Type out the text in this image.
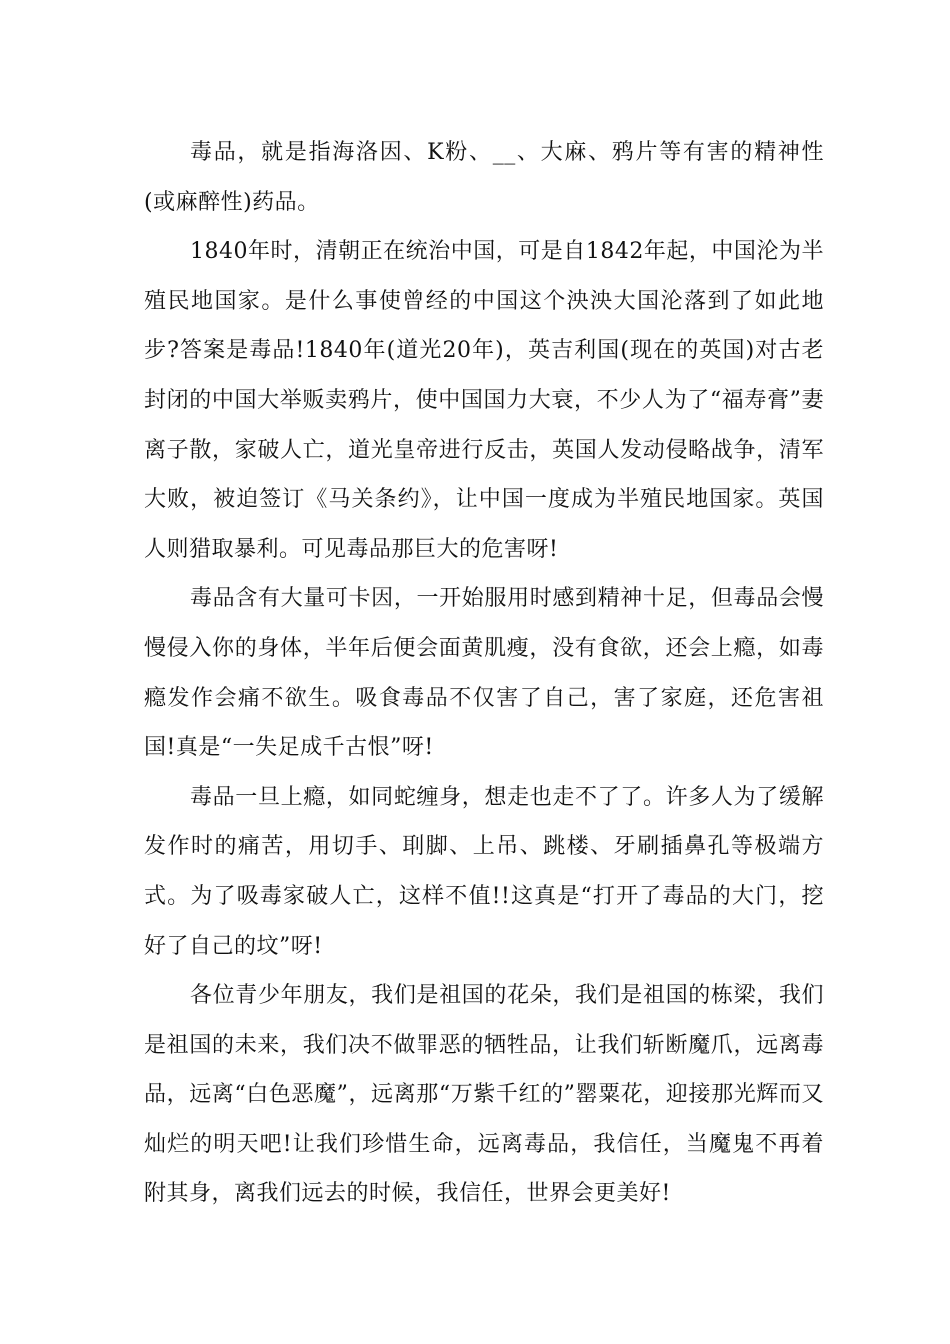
毒品，就是指海洛因、K粉、__、大麻、鸦片等有害的精神性(或麻醉性)药品。

1840年时，清朝正在统治中国，可是自1842年起，中国沦为半殖民地国家。是什么事使曾经的中国这个泱泱大国沦落到了如此地步?答案是毒品!1840年(道光20年)，英吉利国(现在的英国)对古老封闭的中国大举贩卖鸦片，使中国国力大衰，不少人为了“福寿膏”妻离子散，家破人亡，道光皇帝进行反击，英国人发动侵略战争，清军大败，被迫签订《马关条约》，让中国一度成为半殖民地国家。英国人则猎取暴利。可见毒品那巨大的危害呀!

毒品含有大量可卡因，一开始服用时感到精神十足，但毒品会慢慢侵入你的身体，半年后便会面黄肌瘦，没有食欲，还会上瘾，如毒瘾发作会痛不欲生。吸食毒品不仅害了自己，害了家庭，还危害祖国!真是“一失足成千古恨”呀!

毒品一旦上瘾，如同蛇缠身，想走也走不了了。许多人为了缓解发作时的痛苦，用切手、刵脚、上吊、跳楼、牙刷插鼻孔等极端方式。为了吸毒家破人亡，这样不值!!这真是“打开了毒品的大门，挖好了自己的坟”呀!

各位青少年朋友，我们是祖国的花朵，我们是祖国的栋梁，我们是祖国的未来，我们决不做罪恶的牺牲品，让我们斩断魔爪，远离毒品，远离“白色恶魔”，远离那“万紫千红的”罂粟花，迎接那光辉而又灿烂的明天吧!让我们珍惜生命，远离毒品，我信任，当魔鬼不再着附其身，离我们远去的时候，我信任，世界会更美好!
